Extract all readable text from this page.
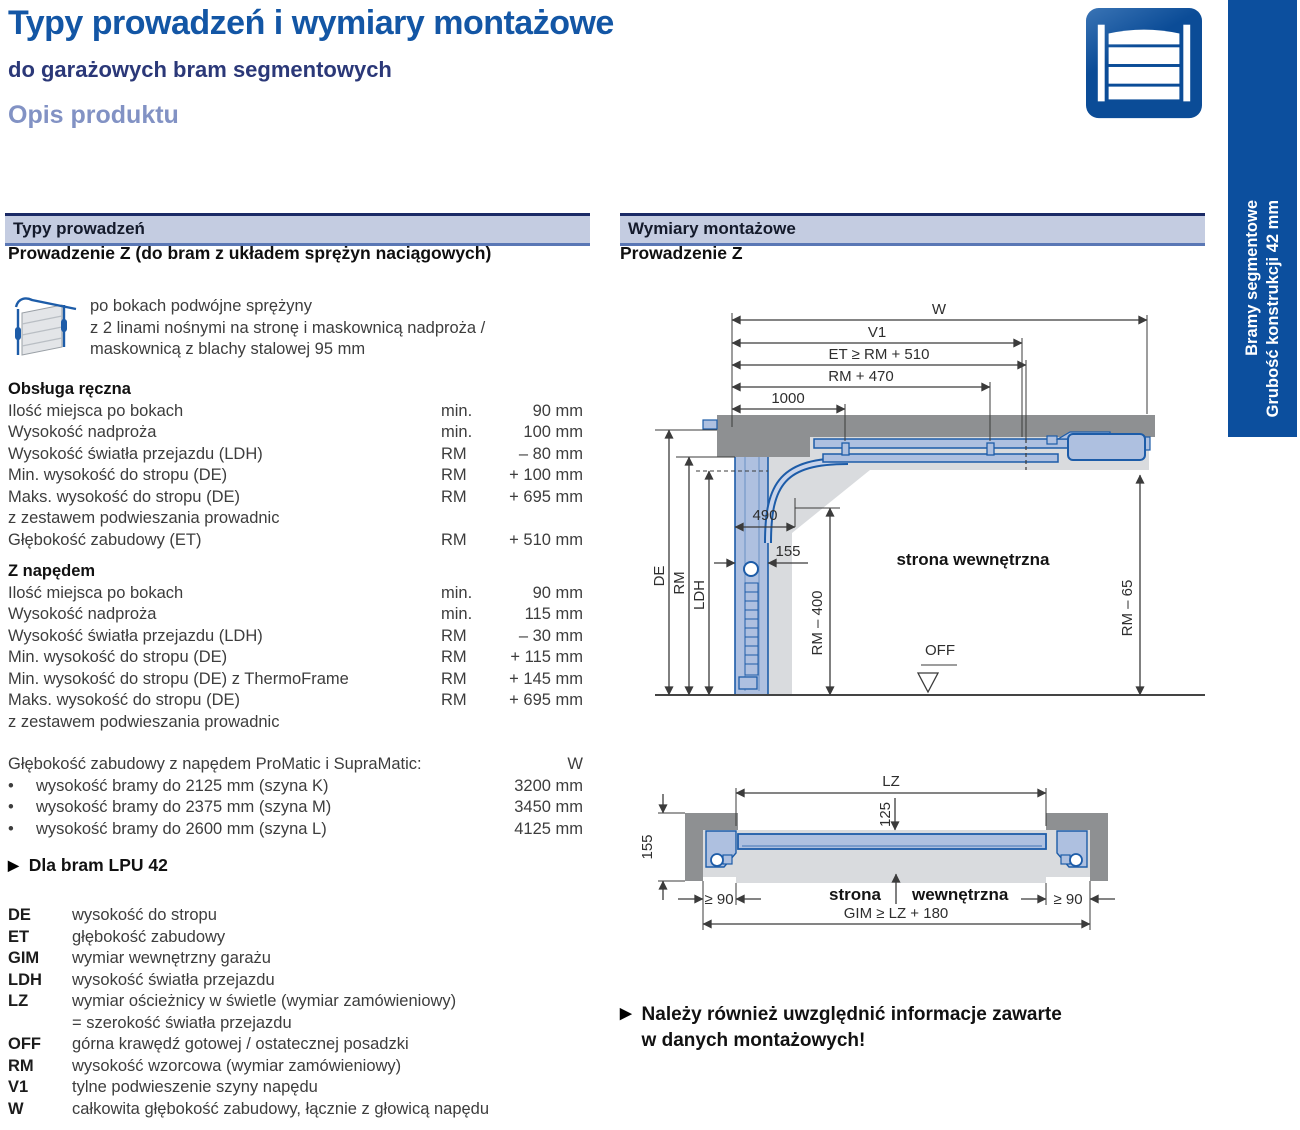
Typy prowadzeń i wymiary montażowe
do garażowych bram segmentowych
Opis produktu
Bramy segmentowe Grubość konstrukcji 42 mm
Typy prowadzeń
Prowadzenie Z (do bram z układem sprężyn naciągowych)
po bokach podwójne sprężyny
z 2 linami nośnymi na stronę i maskownicą nadproża /
maskownicą z blachy stalowej 95 mm
Obsługa ręczna
Ilość miejsca po bokach	min.	90 mm
Wysokość nadproża	min.	100 mm
Wysokość światła przejazdu (LDH)	RM	– 80 mm
Min. wysokość do stropu (DE)	RM	+ 100 mm
Maks. wysokość do stropu (DE)	RM	+ 695 mm
z zestawem podwieszania prowadnic
Głębokość zabudowy (ET)	RM	+ 510 mm
Z napędem
Ilość miejsca po bokach	min.	90 mm
Wysokość nadproża	min.	115 mm
Wysokość światła przejazdu (LDH)	RM	– 30 mm
Min. wysokość do stropu (DE)	RM	+ 115 mm
Min. wysokość do stropu (DE) z ThermoFrame	RM	+ 145 mm
Maks. wysokość do stropu (DE)	RM	+ 695 mm
z zestawem podwieszania prowadnic
Głębokość zabudowy z napędem ProMatic i SupraMatic:	W
•	wysokość bramy do 2125 mm (szyna K)	3200 mm
•	wysokość bramy do 2375 mm (szyna M)	3450 mm
•	wysokość bramy do 2600 mm (szyna L)	4125 mm
▶ Dla bram LPU 42
DE	wysokość do stropu
ET	głębokość zabudowy
GIM	wymiar wewnętrzny garażu
LDH	wysokość światła przejazdu
LZ	wymiar ościeżnicy w świetle (wymiar zamówieniowy)
= szerokość światła przejazdu
OFF	górna krawędź gotowej / ostatecznej posadzki
RM	wysokość wzorcowa (wymiar zamówieniowy)
V1	tylne podwieszenie szyny napędu
W	całkowita głębokość zabudowy, łącznie z głowicą napędu
Wymiary montażowe
Prowadzenie Z
W
V1
ET ≥ RM + 510
RM + 470
1000
DE RM LDH
490
155
RM – 400
strona wewnętrzna
RM – 65
OFF
LZ
125
155
≥ 90	≥ 90
strona wewnętrzna
GIM ≥ LZ + 180
▶ Należy również uwzględnić informacje zawarte
w danych montażowych!
